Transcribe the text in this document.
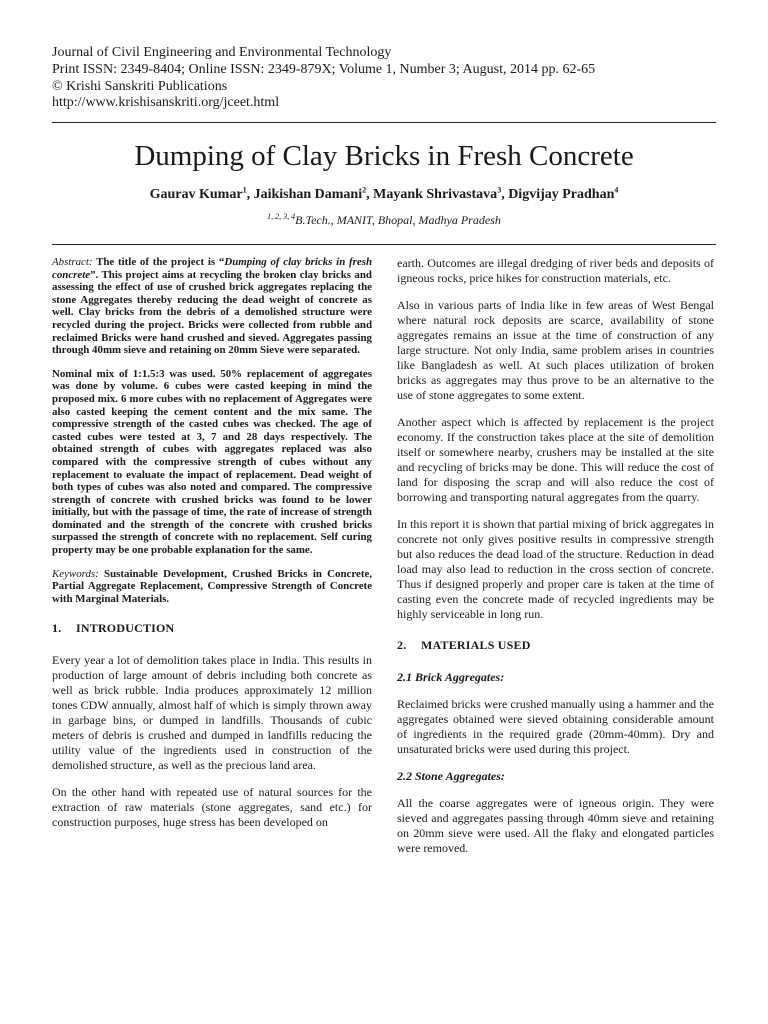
Journal of Civil Engineering and Environmental Technology
Print ISSN: 2349-8404; Online ISSN: 2349-879X; Volume 1, Number 3; August, 2014 pp. 62-65
© Krishi Sanskriti Publications
http://www.krishisanskriti.org/jceet.html
Dumping of Clay Bricks in Fresh Concrete
Gaurav Kumar$^1$, Jaikishan Damani$^2$, Mayank Shrivastava$^3$, Digvijay Pradhan$^4$
$^{1, 2, 3, 4}$B.Tech., MANIT, Bhopal, Madhya Pradesh

Abstract: The title of the project is “Dumping of clay bricks in fresh concrete”. This project aims at recycling the broken clay bricks and assessing the effect of use of crushed brick aggregates replacing the stone Aggregates thereby reducing the dead weight of concrete as well. Clay bricks from the debris of a demolished structure were recycled during the project. Bricks were collected from rubble and reclaimed Bricks were hand crushed and sieved. Aggregates passing through 40mm sieve and retaining on 20mm Sieve were separated.

Nominal mix of 1:1.5:3 was used. 50% replacement of aggregates was done by volume. 6 cubes were casted keeping in mind the proposed mix. 6 more cubes with no replacement of Aggregates were also casted keeping the cement content and the mix same. The compressive strength of the casted cubes was checked. The age of casted cubes were tested at 3, 7 and 28 days respectively. The obtained strength of cubes with aggregates replaced was also compared with the compressive strength of cubes without any replacement to evaluate the impact of replacement. Dead weight of both types of cubes was also noted and compared. The compressive strength of concrete with crushed bricks was found to be lower initially, but with the passage of time, the rate of increase of strength dominated and the strength of the concrete with crushed bricks surpassed the strength of concrete with no replacement. Self curing property may be one probable explanation for the same.

Keywords: Sustainable Development, Crushed Bricks in Concrete, Partial Aggregate Replacement, Compressive Strength of Concrete with Marginal Materials.

1. INTRODUCTION

Every year a lot of demolition takes place in India. This results in production of large amount of debris including both concrete as well as brick rubble. India produces approximately 12 million tones CDW annually, almost half of which is simply thrown away in garbage bins, or dumped in landfills. Thousands of cubic meters of debris is crushed and dumped in landfills reducing the utility value of the ingredients used in construction of the demolished structure, as well as the precious land area.

On the other hand with repeated use of natural sources for the extraction of raw materials (stone aggregates, sand etc.) for construction purposes, huge stress has been developed on

earth. Outcomes are illegal dredging of river beds and deposits of igneous rocks, price hikes for construction materials, etc.

Also in various parts of India like in few areas of West Bengal where natural rock deposits are scarce, availability of stone aggregates remains an issue at the time of construction of any large structure. Not only India, same problem arises in countries like Bangladesh as well. At such places utilization of broken bricks as aggregates may thus prove to be an alternative to the use of stone aggregates to some extent.

Another aspect which is affected by replacement is the project economy. If the construction takes place at the site of demolition itself or somewhere nearby, crushers may be installed at the site and recycling of bricks may be done. This will reduce the cost of land for disposing the scrap and will also reduce the cost of borrowing and transporting natural aggregates from the quarry.

In this report it is shown that partial mixing of brick aggregates in concrete not only gives positive results in compressive strength but also reduces the dead load of the structure. Reduction in dead load may also lead to reduction in the cross section of concrete. Thus if designed properly and proper care is taken at the time of casting even the concrete made of recycled ingredients may be highly serviceable in long run.

2. MATERIALS USED
2.1 Brick Aggregates:

Reclaimed bricks were crushed manually using a hammer and the aggregates obtained were sieved obtaining considerable amount of ingredients in the required grade (20mm-40mm). Dry and unsaturated bricks were used during this project.

2.2 Stone Aggregates:

All the coarse aggregates were of igneous origin. They were sieved and aggregates passing through 40mm sieve and retaining on 20mm sieve were used. All the flaky and elongated particles were removed.
